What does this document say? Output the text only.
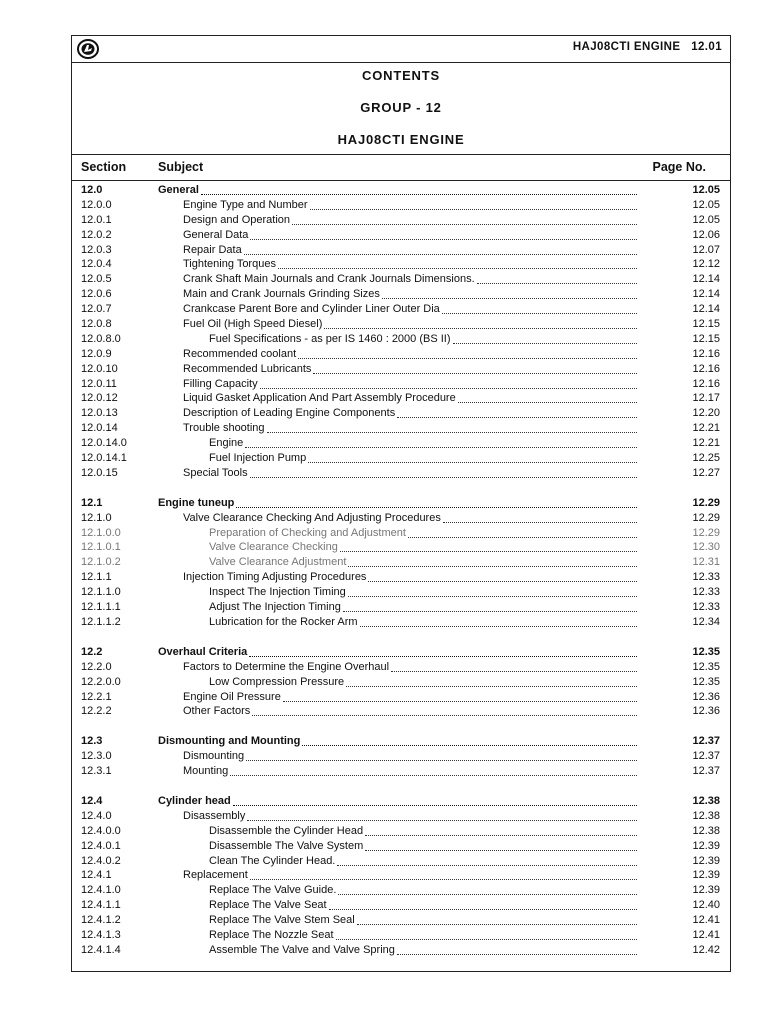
HAJ08CTI ENGINE 12.01
CONTENTS
GROUP - 12
HAJ08CTI ENGINE
Section	Subject	Page No.
12.0	General	12.05
12.0.0	Engine Type and Number	12.05
12.0.1	Design and Operation	12.05
12.0.2	General Data	12.06
12.0.3	Repair Data	12.07
12.0.4	Tightening Torques	12.12
12.0.5	Crank Shaft Main Journals and Crank Journals Dimensions.	12.14
12.0.6	Main and Crank Journals Grinding Sizes	12.14
12.0.7	Crankcase Parent Bore and Cylinder Liner Outer Dia	12.14
12.0.8	Fuel Oil (High Speed Diesel)	12.15
12.0.8.0	Fuel Specifications - as per IS 1460 : 2000 (BS II)	12.15
12.0.9	Recommended coolant	12.16
12.0.10	Recommended Lubricants	12.16
12.0.11	Filling Capacity	12.16
12.0.12	Liquid Gasket Application And Part Assembly Procedure	12.17
12.0.13	Description of Leading Engine Components	12.20
12.0.14	Trouble shooting	12.21
12.0.14.0	Engine	12.21
12.0.14.1	Fuel Injection Pump	12.25
12.0.15	Special Tools	12.27
12.1	Engine tuneup	12.29
12.1.0	Valve Clearance Checking And Adjusting Procedures	12.29
12.1.0.0	Preparation of Checking and Adjustment	12.29
12.1.0.1	Valve Clearance Checking	12.30
12.1.0.2	Valve Clearance Adjustment	12.31
12.1.1	Injection Timing Adjusting Procedures	12.33
12.1.1.0	Inspect The Injection Timing	12.33
12.1.1.1	Adjust The Injection Timing	12.33
12.1.1.2	Lubrication for the Rocker Arm	12.34
12.2	Overhaul Criteria	12.35
12.2.0	Factors to Determine the Engine Overhaul	12.35
12.2.0.0	Low Compression Pressure	12.35
12.2.1	Engine Oil Pressure	12.36
12.2.2	Other Factors	12.36
12.3	Dismounting and Mounting	12.37
12.3.0	Dismounting	12.37
12.3.1	Mounting	12.37
12.4	Cylinder head	12.38
12.4.0	Disassembly	12.38
12.4.0.0	Disassemble the Cylinder Head	12.38
12.4.0.1	Disassemble The Valve System	12.39
12.4.0.2	Clean The Cylinder Head.	12.39
12.4.1	Replacement	12.39
12.4.1.0	Replace The Valve Guide.	12.39
12.4.1.1	Replace The Valve Seat	12.40
12.4.1.2	Replace The Valve Stem Seal	12.41
12.4.1.3	Replace The Nozzle Seat	12.41
12.4.1.4	Assemble The Valve and Valve Spring	12.42
